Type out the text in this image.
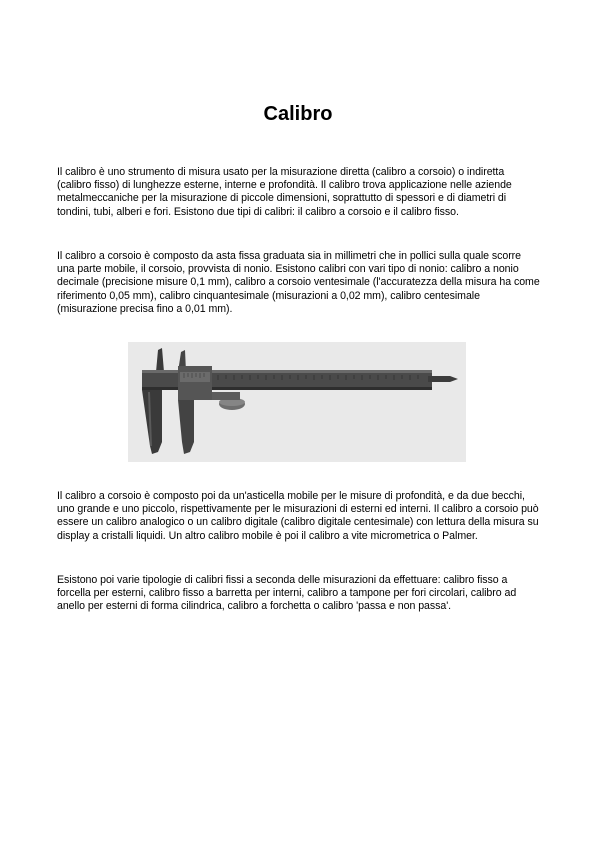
Calibro

Il calibro è uno strumento di misura usato per la misurazione diretta (calibro a corsoio) o indiretta (calibro fisso) di lunghezze esterne, interne e profondità. Il calibro trova applicazione nelle aziende metalmeccaniche per la misurazione di piccole dimensioni, soprattutto di spessori e di diametri di tondini, tubi, alberi e fori. Esistono due tipi di calibri: il calibro a corsoio e il calibro fisso.

Il calibro a corsoio è composto da asta fissa graduata sia in millimetri che in pollici sulla quale scorre una parte mobile, il corsoio, provvista di nonio. Esistono calibri con vari tipo di nonio: calibro a nonio decimale (precisione misure 0,1 mm), calibro a corsoio ventesimale (l'accuratezza della misura ha come riferimento 0,05 mm), calibro cinquantesimale (misurazioni a 0,02 mm), calibro centesimale (misurazione precisa fino a 0,01 mm).

Il calibro a corsoio è composto poi da un'asticella mobile per le misure di profondità, e da due becchi, uno grande e uno piccolo, rispettivamente per le misurazioni di esterni ed interni. Il calibro a corsoio può essere un calibro analogico o un calibro digitale (calibro digitale centesimale) con lettura della misura su display a cristalli liquidi. Un altro calibro mobile è poi il calibro a vite micrometrica o Palmer.

Esistono poi varie tipologie di calibri fissi a seconda delle misurazioni da effettuare: calibro fisso a forcella per esterni, calibro fisso a barretta per interni, calibro a tampone per fori circolari, calibro ad anello per esterni di forma cilindrica, calibro a forchetta o calibro 'passa e non passa'.
